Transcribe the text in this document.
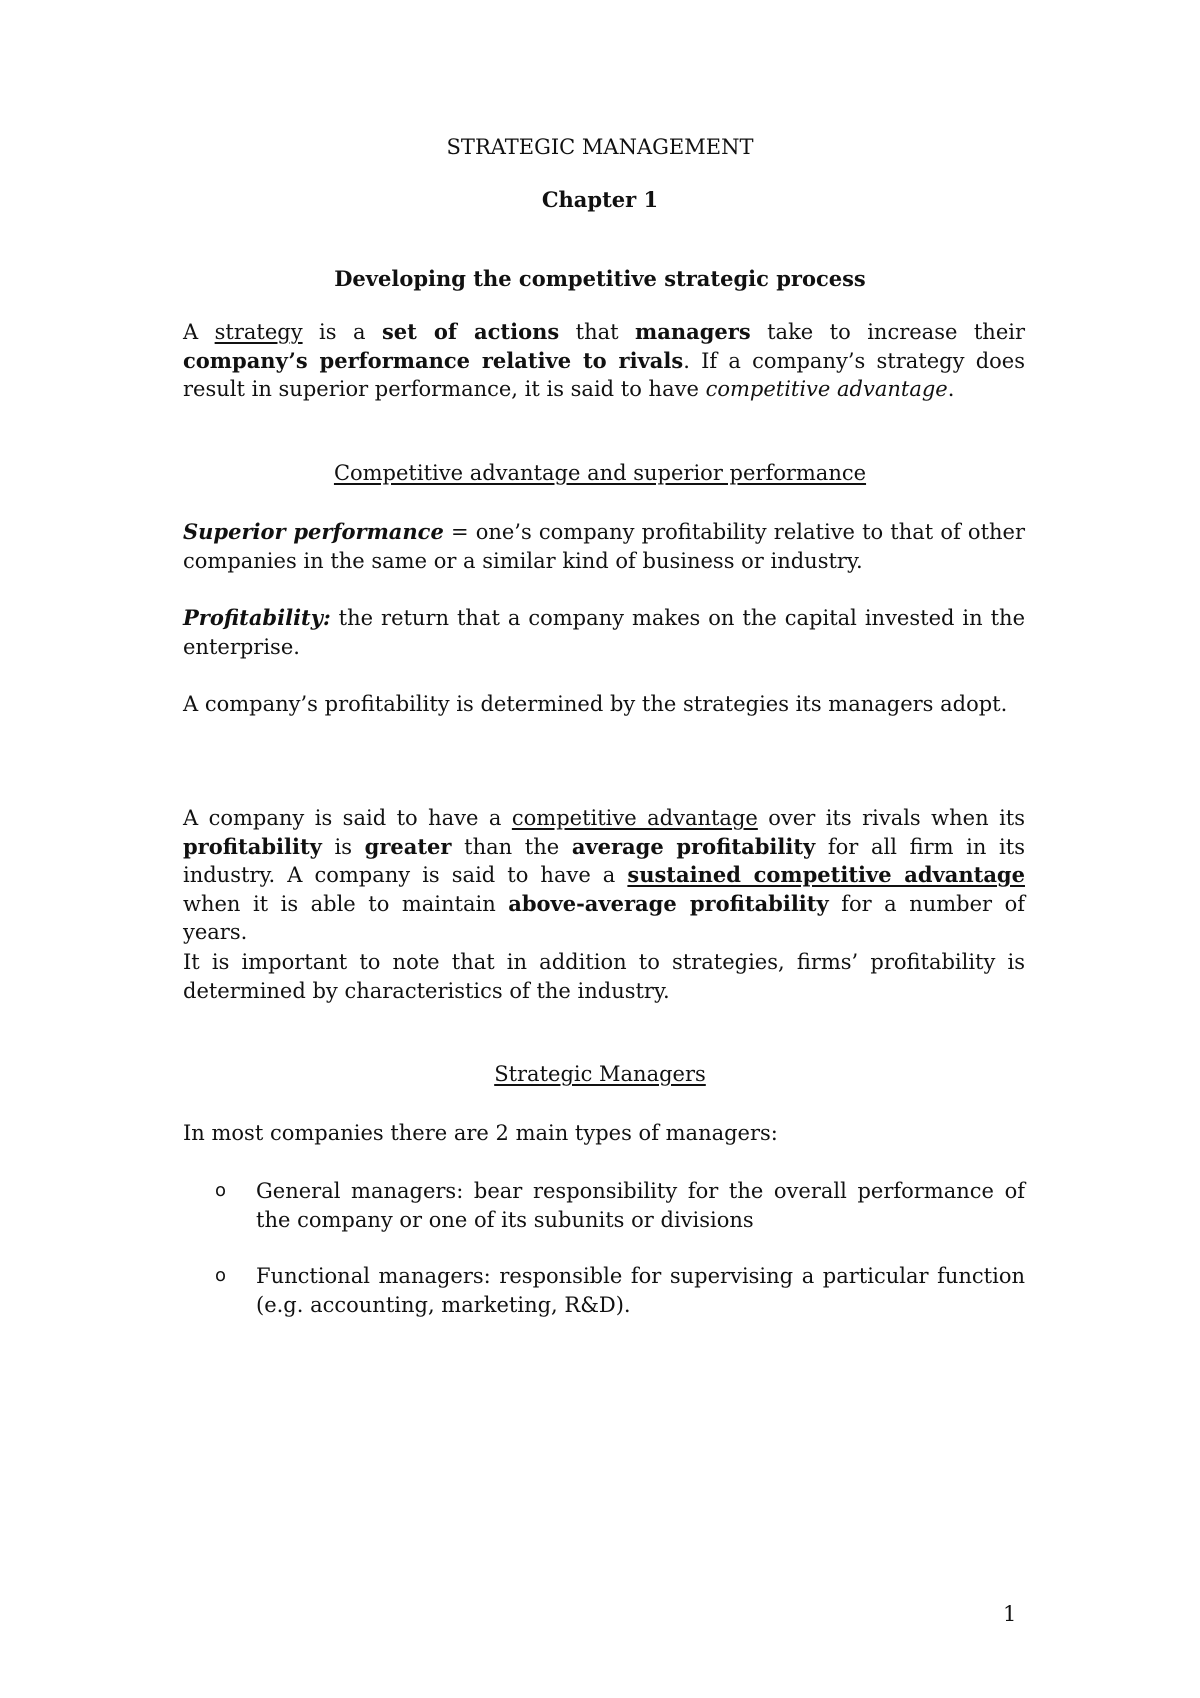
STRATEGIC MANAGEMENT
Chapter 1
Developing the competitive strategic process

A strategy is a set of actions that managers take to increase their company’s performance relative to rivals. If a company’s strategy does result in superior performance, it is said to have competitive advantage.

Competitive advantage and superior performance

Superior performance = one’s company profitability relative to that of other companies in the same or a similar kind of business or industry.

Profitability: the return that a company makes on the capital invested in the enterprise.

A company’s profitability is determined by the strategies its managers adopt.

A company is said to have a competitive advantage over its rivals when its profitability is greater than the average profitability for all firm in its industry. A company is said to have a sustained competitive advantage when it is able to maintain above-average profitability for a number of years.

It is important to note that in addition to strategies, firms’ profitability is determined by characteristics of the industry.

Strategic Managers

In most companies there are 2 main types of managers:

o General managers: bear responsibility for the overall performance of the company or one of its subunits or divisions
o Functional managers: responsible for supervising a particular function (e.g. accounting, marketing, R&D).
1
